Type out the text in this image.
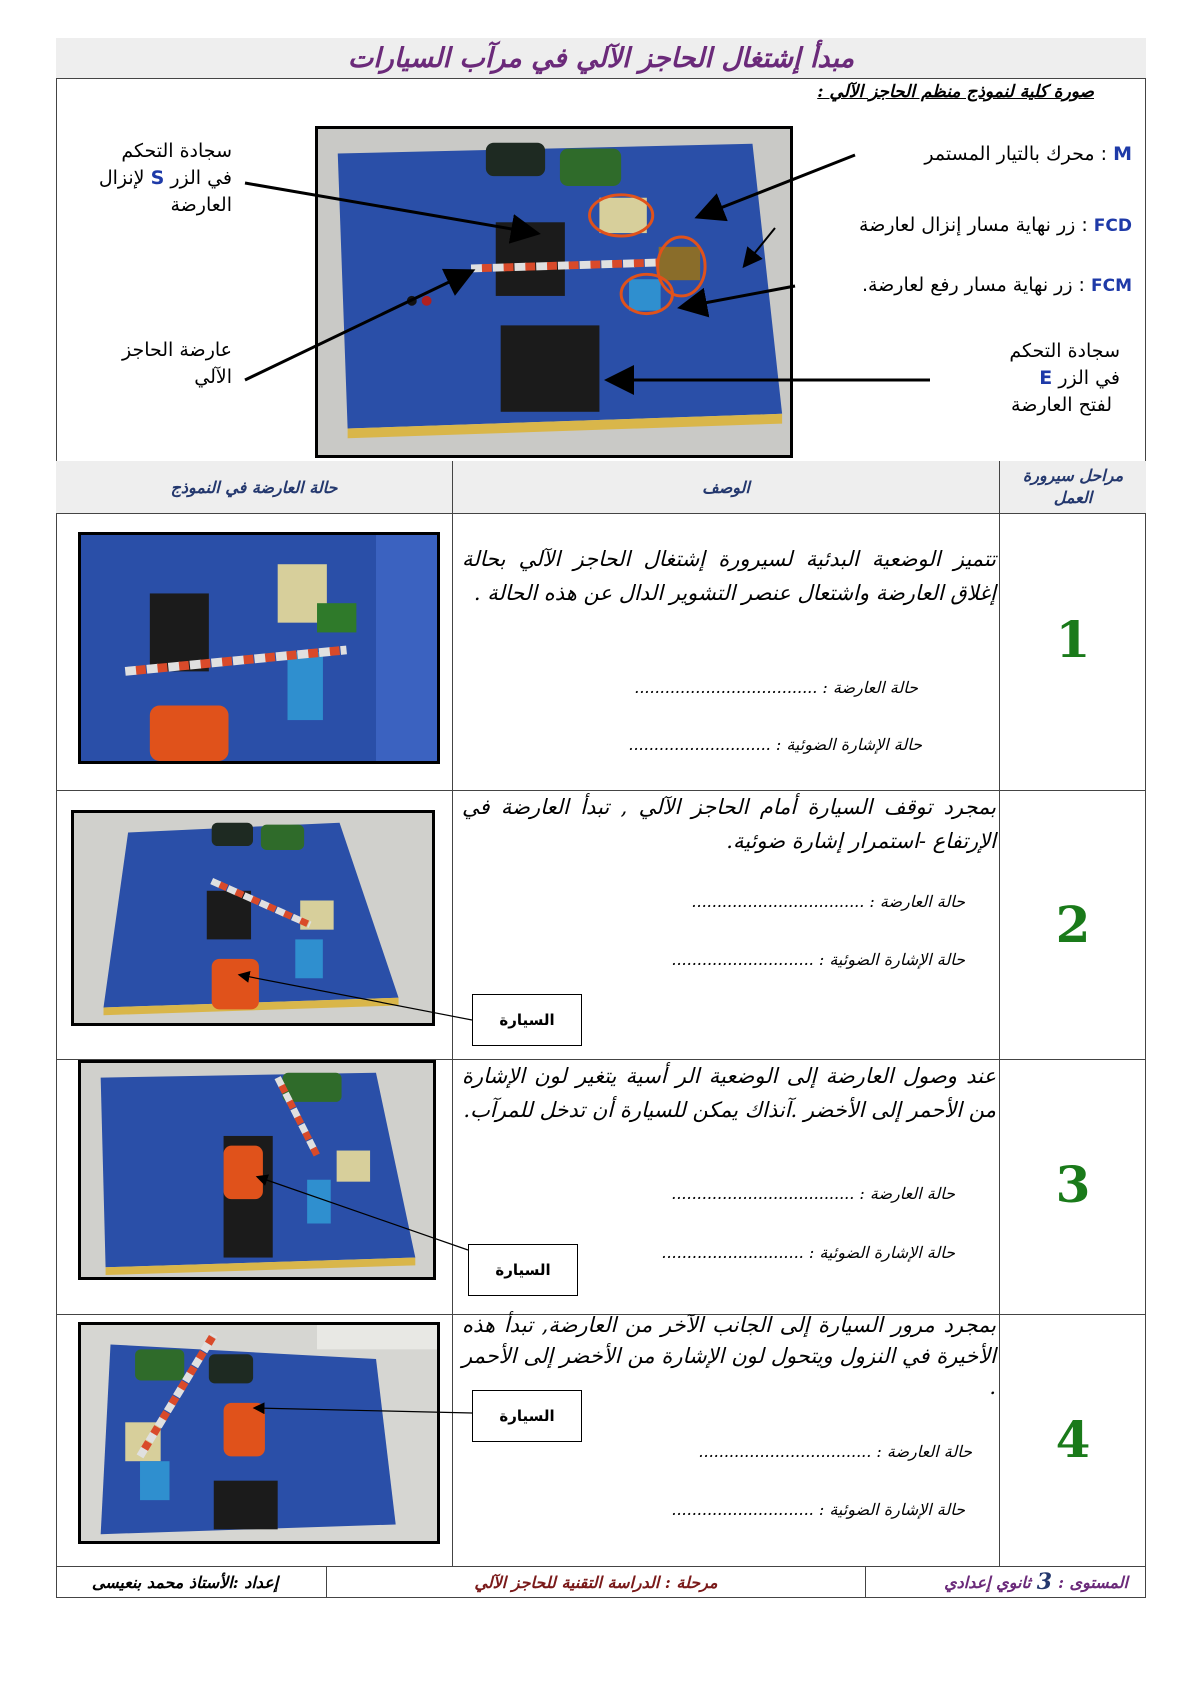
مبدأ إشتغال الحاجز الآلي في مرآب السيارات
صورة كلية لنموذج منظم الحاجز الآلي :
M : محرك بالتيار المستمر
FCD : زر نهاية مسار إنزال لعارضة
FCM : زر نهاية مسار رفع لعارضة.
سجادة التحكم
في الزر E
لفتح العارضة
سجادة التحكم
في الزر S لإنزال
العارضة
عارضة الحاجز
الآلي
حالة العارضة في النموذج	الوصف
مراحل سيرورة العمل
1
تتميز الوضعية البدئية لسيرورة إشتغال الحاجز الآلي بحالة إغلاق العارضة واشتعال عنصر التشوير الدال عن هذه الحالة .
حالة العارضة : ....................................
حالة الإشارة الضوئية : ............................
2
بمجرد توقف السيارة أمام الحاجز الآلي , تبدأ العارضة في الإرتفاع -استمرار إشارة ضوئية.
حالة العارضة : ..................................
حالة الإشارة الضوئية : ............................
السيارة
3
عند وصول العارضة إلى الوضعية الر أسية يتغير لون الإشارة من الأحمر إلى الأخضر .آنذاك يمكن للسيارة أن تدخل للمرآب.
حالة العارضة : ....................................
حالة الإشارة الضوئية : ............................
السيارة
4
بمجرد مرور السيارة إلى الجانب الآخر من العارضة, تبدأ هذه الأخيرة في النزول ويتحول لون الإشارة من الأخضر إلى الأحمر .
حالة العارضة : ..................................
حالة الإشارة الضوئية : ............................
السيارة
المستوى :
3
ثانوي إعدادي
مرحلة : الدراسة التقنية للحاجز الآلي
إعداد :الأستاذ محمد بنعيسى
